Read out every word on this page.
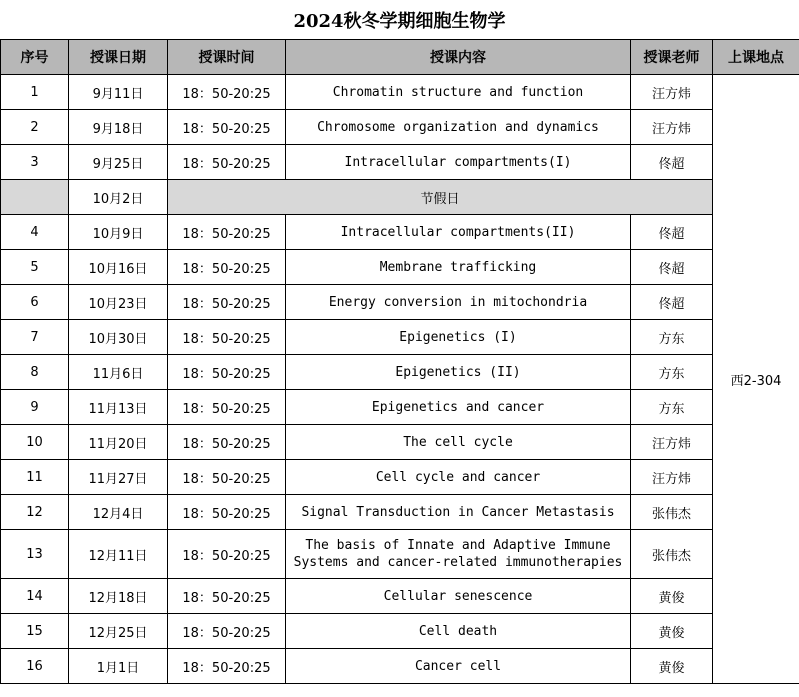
2024秋冬学期细胞生物学
序号	授课日期	授课时间	授课内容	授课老师	上课地点
1	9月11日	18：50-20:25	Chromatin structure and function	汪方炜	西2-304
2	9月18日	18：50-20:25	Chromosome organization and dynamics	汪方炜	
3	9月25日	18：50-20:25	Intracellular compartments(I)	佟超	
	10月2日	节假日			
4	10月9日	18：50-20:25	Intracellular compartments(II)	佟超	
5	10月16日	18：50-20:25	Membrane trafficking	佟超	
6	10月23日	18：50-20:25	Energy conversion in mitochondria	佟超	
7	10月30日	18：50-20:25	Epigenetics (I)	方东	
8	11月6日	18：50-20:25	Epigenetics (II)	方东	
9	11月13日	18：50-20:25	Epigenetics and cancer	方东	
10	11月20日	18：50-20:25	The cell cycle	汪方炜	
11	11月27日	18：50-20:25	Cell cycle and cancer	汪方炜	
12	12月4日	18：50-20:25	Signal Transduction in Cancer Metastasis	张伟杰	
13	12月11日	18：50-20:25	The basis of Innate and Adaptive Immune Systems and cancer-related immunotherapies	张伟杰	
14	12月18日	18：50-20:25	Cellular senescence	黄俊	
15	12月25日	18：50-20:25	Cell death	黄俊	
16	1月1日	18：50-20:25	Cancer cell	黄俊	
